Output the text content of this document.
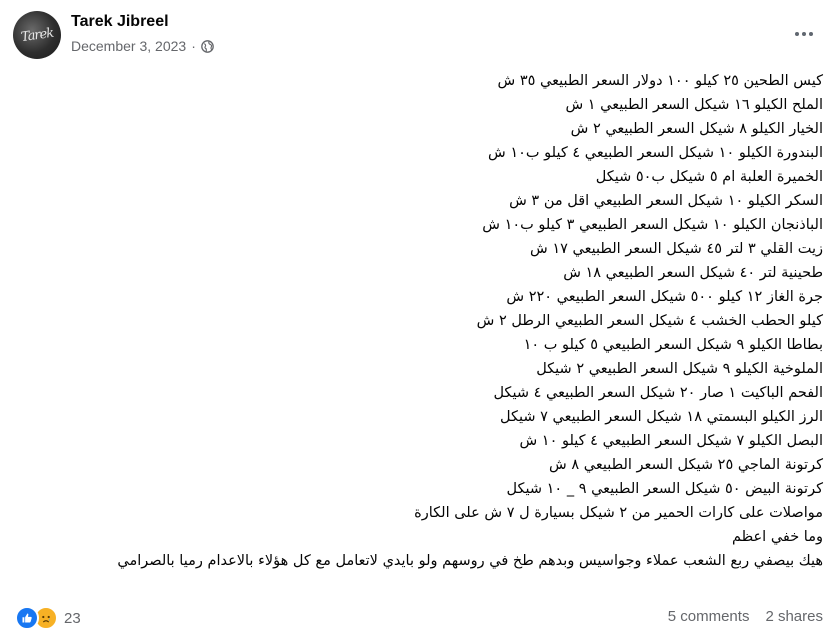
Tarek
Tarek Jibreel
December 3, 2023 ·

كيس الطحين ٢٥ كيلو ١٠٠ دولار السعر الطبيعي ٣٥ ش

الملح الكيلو ١٦ شيكل السعر الطبيعي ١ ش

الخيار الكيلو ٨ شيكل السعر الطبيعي ٢ ش

البندورة الكيلو ١٠ شيكل السعر الطبيعي ٤ كيلو ب١٠ ش

الخميرة العلبة ام ٥ شيكل ب٥٠ شيكل

السكر الكيلو ١٠ شيكل السعر الطبيعي اقل من ٣ ش

الباذنجان الكيلو ١٠ شيكل السعر الطبيعي ٣ كيلو ب١٠ ش

زيت القلي ٣ لتر ٤٥ شيكل السعر الطبيعي ١٧ ش

طحينية لتر ٤٠ شيكل السعر الطبيعي ١٨ ش

جرة الغاز ١٢ كيلو ٥٠٠ شيكل السعر الطبيعي ٢٢٠ ش

كيلو الحطب الخشب ٤ شيكل السعر الطبيعي الرطل ٢ ش

بطاطا الكيلو ٩ شيكل السعر الطبيعي ٥ كيلو ب ١٠

الملوخية الكيلو ٩ شيكل السعر الطبيعي ٢ شيكل

الفحم الباكيت ١ صار ٢٠ شيكل السعر الطبيعي ٤ شيكل

الرز الكيلو البسمتي ١٨ شيكل السعر الطبيعي ٧ شيكل

البصل الكيلو ٧ شيكل السعر الطبيعي ٤ كيلو ١٠ ش

كرتونة الماجي ٢٥ شيكل السعر الطبيعي ٨ ش

كرتونة البيض ٥٠ شيكل السعر الطبيعي ٩ _ ١٠ شيكل

مواصلات على كارات الحمير من ٢ شيكل بسيارة ل ٧ ش على الكارة

وما خفي اعظم

هيك بيصفي ربع الشعب عملاء وجواسيس وبدهم طخ في روسهم ولو بايدي لاتعامل مع كل هؤلاء بالاعدام رميا بالصرامي

23	5 comments 2 shares
